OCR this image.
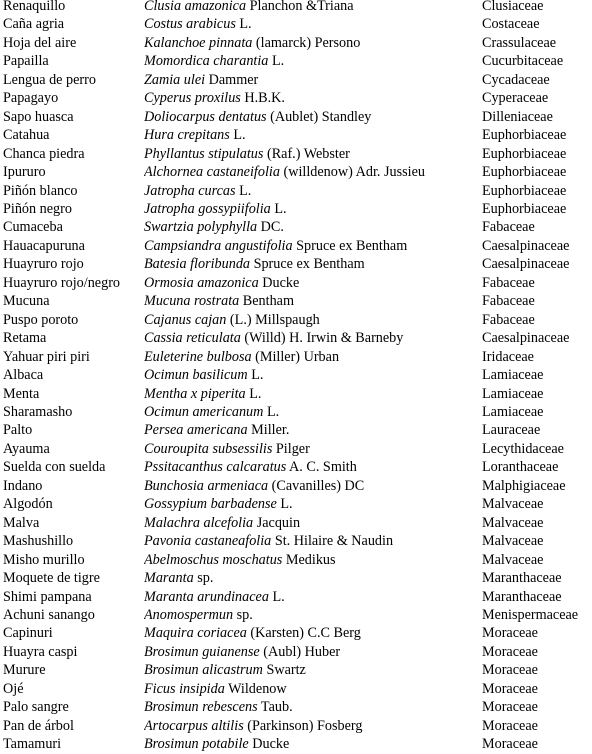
Renaquillo	Clusia amazonica Planchon &Triana	Clusiaceae
Caña agria	Costus arabicus L.	Costaceae
Hoja del aire	Kalanchoe pinnata (lamarck) Persono	Crassulaceae
Papailla	Momordica charantia L.	Cucurbitaceae
Lengua de perro	Zamia ulei Dammer	Cycadaceae
Papagayo	Cyperus proxilus H.B.K.	Cyperaceae
Sapo huasca	Doliocarpus dentatus (Aublet) Standley	Dilleniaceae
Catahua	Hura crepitans L.	Euphorbiaceae
Chanca piedra	Phyllantus stipulatus (Raf.) Webster	Euphorbiaceae
Ipururo	Alchornea castaneifolia (willdenow) Adr. Jussieu	Euphorbiaceae
Piñón blanco	Jatropha curcas L.	Euphorbiaceae
Piñón negro	Jatropha gossypiifolia L.	Euphorbiaceae
Cumaceba	Swartzia polyphylla DC.	Fabaceae
Hauacapuruna	Campsiandra angustifolia Spruce ex Bentham	Caesalpinaceae
Huayruro rojo	Batesia floribunda Spruce ex Bentham	Caesalpinaceae
Huayruro rojo/negro	Ormosia amazonica Ducke	Fabaceae
Mucuna	Mucuna rostrata Bentham	Fabaceae
Puspo poroto	Cajanus cajan (L.) Millspaugh	Fabaceae
Retama	Cassia reticulata (Willd) H. Irwin & Barneby	Caesalpinaceae
Yahuar piri piri	Euleterine bulbosa (Miller) Urban	Iridaceae
Albaca	Ocimun basilicum L.	Lamiaceae
Menta	Mentha x piperita L.	Lamiaceae
Sharamasho	Ocimun americanum L.	Lamiaceae
Palto	Persea americana Miller.	Lauraceae
Ayauma	Couroupita subsessilis Pilger	Lecythidaceae
Suelda con suelda	Pssitacanthus calcaratus A. C. Smith	Loranthaceae
Indano	Bunchosia armeniaca (Cavanilles) DC	Malphigiaceae
Algodón	Gossypium barbadense L.	Malvaceae
Malva	Malachra alcefolia Jacquin	Malvaceae
Mashushillo	Pavonia castaneafolia St. Hilaire & Naudin	Malvaceae
Misho murillo	Abelmoschus moschatus Medikus	Malvaceae
Moquete de tigre	Maranta sp.	Maranthaceae
Shimi pampana	Maranta arundinacea L.	Maranthaceae
Achuni sanango	Anomospermun sp.	Menispermaceae
Capinuri	Maquira coriacea (Karsten) C.C Berg	Moraceae
Huayra caspi	Brosimun guianense (Aubl) Huber	Moraceae
Murure	Brosimun alicastrum Swartz	Moraceae
Ojé	Ficus insipida Wildenow	Moraceae
Palo sangre	Brosimun rebescens Taub.	Moraceae
Pan de árbol	Artocarpus altilis (Parkinson) Fosberg	Moraceae
Tamamuri	Brosimun potabile Ducke	Moraceae
